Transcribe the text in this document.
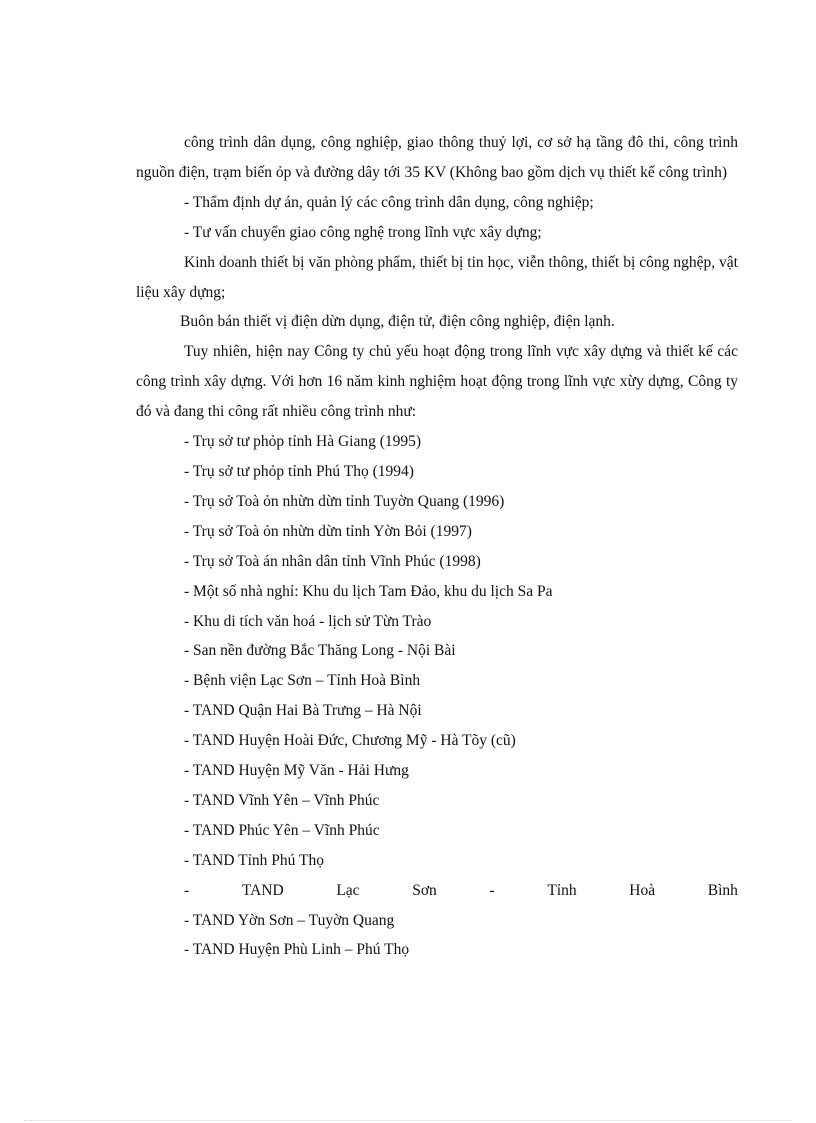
công trình dân dụng, công nghiệp, giao thông thuỷ lợi, cơ sở hạ tầng đô thi, công trình nguồn điện, trạm biến ỏp và đường dây tới 35 KV (Không bao gồm dịch vụ thiết kế công trình)

- Thẩm định dự án, quản lý các công trình dân dụng, công nghiệp;

- Tư vấn chuyển giao công nghệ trong lĩnh vực xây dựng;

Kinh doanh thiết bị văn phòng phẩm, thiết bị tin học, viễn thông, thiết bị công nghệp, vật liệu xây dựng;

Buôn bán thiết vị điện dừn dụng, điện tử, điện công nghiệp, điện lạnh.

Tuy nhiên, hiện nay Công ty chủ yếu hoạt động trong lĩnh vực xây dựng và thiết kế các công trình xây dựng. Với hơn 16 năm kinh nghiệm hoạt động trong lĩnh vực xừy dựng, Công ty đó và đang thi công rất nhiều công trình như:

- Trụ sở tư phỏp tỉnh Hà Giang (1995)

- Trụ sở tư phỏp tỉnh Phú Thọ (1994)

- Trụ sở Toà ỏn nhừn dừn tỉnh Tuyờn Quang (1996)

- Trụ sở Toà ỏn nhừn dừn tỉnh Yờn Bỏi (1997)

- Trụ sở Toà án nhân dân tỉnh Vĩnh Phúc (1998)

- Một số nhà nghỉ: Khu du lịch Tam Đảo, khu du lịch Sa Pa

- Khu di tích văn hoá - lịch sử Từn Trào

- San nền đường Bắc Thăng Long - Nội Bài

- Bệnh viện Lạc Sơn – Tỉnh Hoà Bình

- TAND Quận Hai Bà Trưng – Hà Nội

- TAND Huyện Hoài Đức, Chương Mỹ - Hà Tõy (cũ)

- TAND Huyện Mỹ Văn - Hải Hưng

- TAND Vĩnh Yên – Vĩnh Phúc

- TAND Phúc Yên – Vĩnh Phúc

- TAND Tỉnh Phú Thọ

-	TAND	Lạc	Sơn	-	Tỉnh	Hoà	Bình

- TAND Yờn Sơn – Tuyờn Quang

- TAND Huyện Phù Linh – Phú Thọ
